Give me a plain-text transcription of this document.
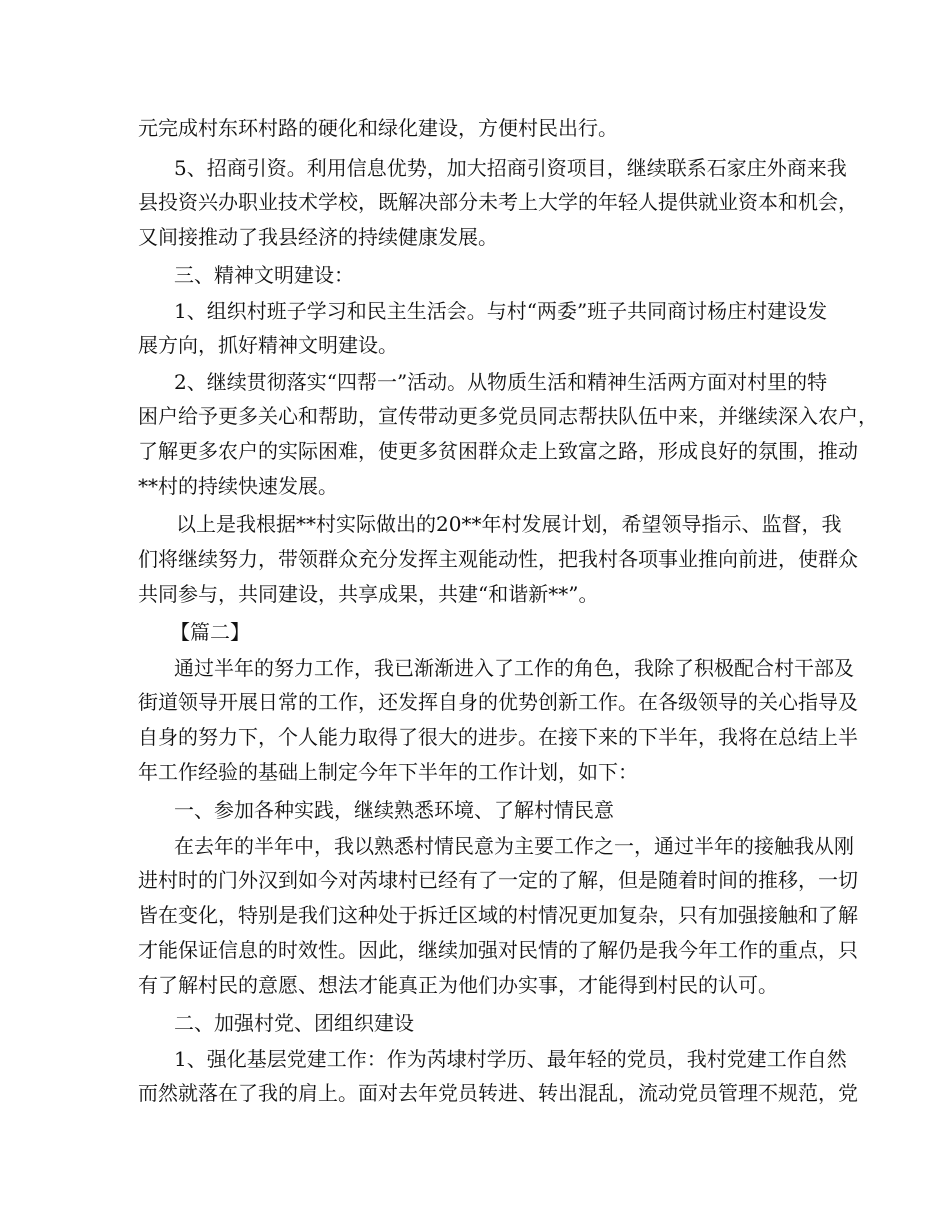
元完成村东环村路的硬化和绿化建设，方便村民出行。
5、招商引资。利用信息优势，加大招商引资项目，继续联系石家庄外商来我
县投资兴办职业技术学校，既解决部分未考上大学的年轻人提供就业资本和机会，
又间接推动了我县经济的持续健康发展。
三、精神文明建设：
1、组织村班子学习和民主生活会。与村“两委”班子共同商讨杨庄村建设发
展方向，抓好精神文明建设。
2、继续贯彻落实“四帮一”活动。从物质生活和精神生活两方面对村里的特
困户给予更多关心和帮助，宣传带动更多党员同志帮扶队伍中来，并继续深入农户，
了解更多农户的实际困难，使更多贫困群众走上致富之路，形成良好的氛围，推动
**村的持续快速发展。
以上是我根据**村实际做出的20**年村发展计划，希望领导指示、监督，我
们将继续努力，带领群众充分发挥主观能动性，把我村各项事业推向前进，使群众
共同参与，共同建设，共享成果，共建“和谐新**”。
【篇二】
通过半年的努力工作，我已渐渐进入了工作的角色，我除了积极配合村干部及
街道领导开展日常的工作，还发挥自身的优势创新工作。在各级领导的关心指导及
自身的努力下，个人能力取得了很大的进步。在接下来的下半年，我将在总结上半
年工作经验的基础上制定今年下半年的工作计划，如下：
一、参加各种实践，继续熟悉环境、了解村情民意
在去年的半年中，我以熟悉村情民意为主要工作之一，通过半年的接触我从刚
进村时的门外汉到如今对芮埭村已经有了一定的了解，但是随着时间的推移，一切
皆在变化，特别是我们这种处于拆迁区域的村情况更加复杂，只有加强接触和了解
才能保证信息的时效性。因此，继续加强对民情的了解仍是我今年工作的重点，只
有了解村民的意愿、想法才能真正为他们办实事，才能得到村民的认可。
二、加强村党、团组织建设
1、强化基层党建工作：作为芮埭村学历、最年轻的党员，我村党建工作自然
而然就落在了我的肩上。面对去年党员转进、转出混乱，流动党员管理不规范，党
